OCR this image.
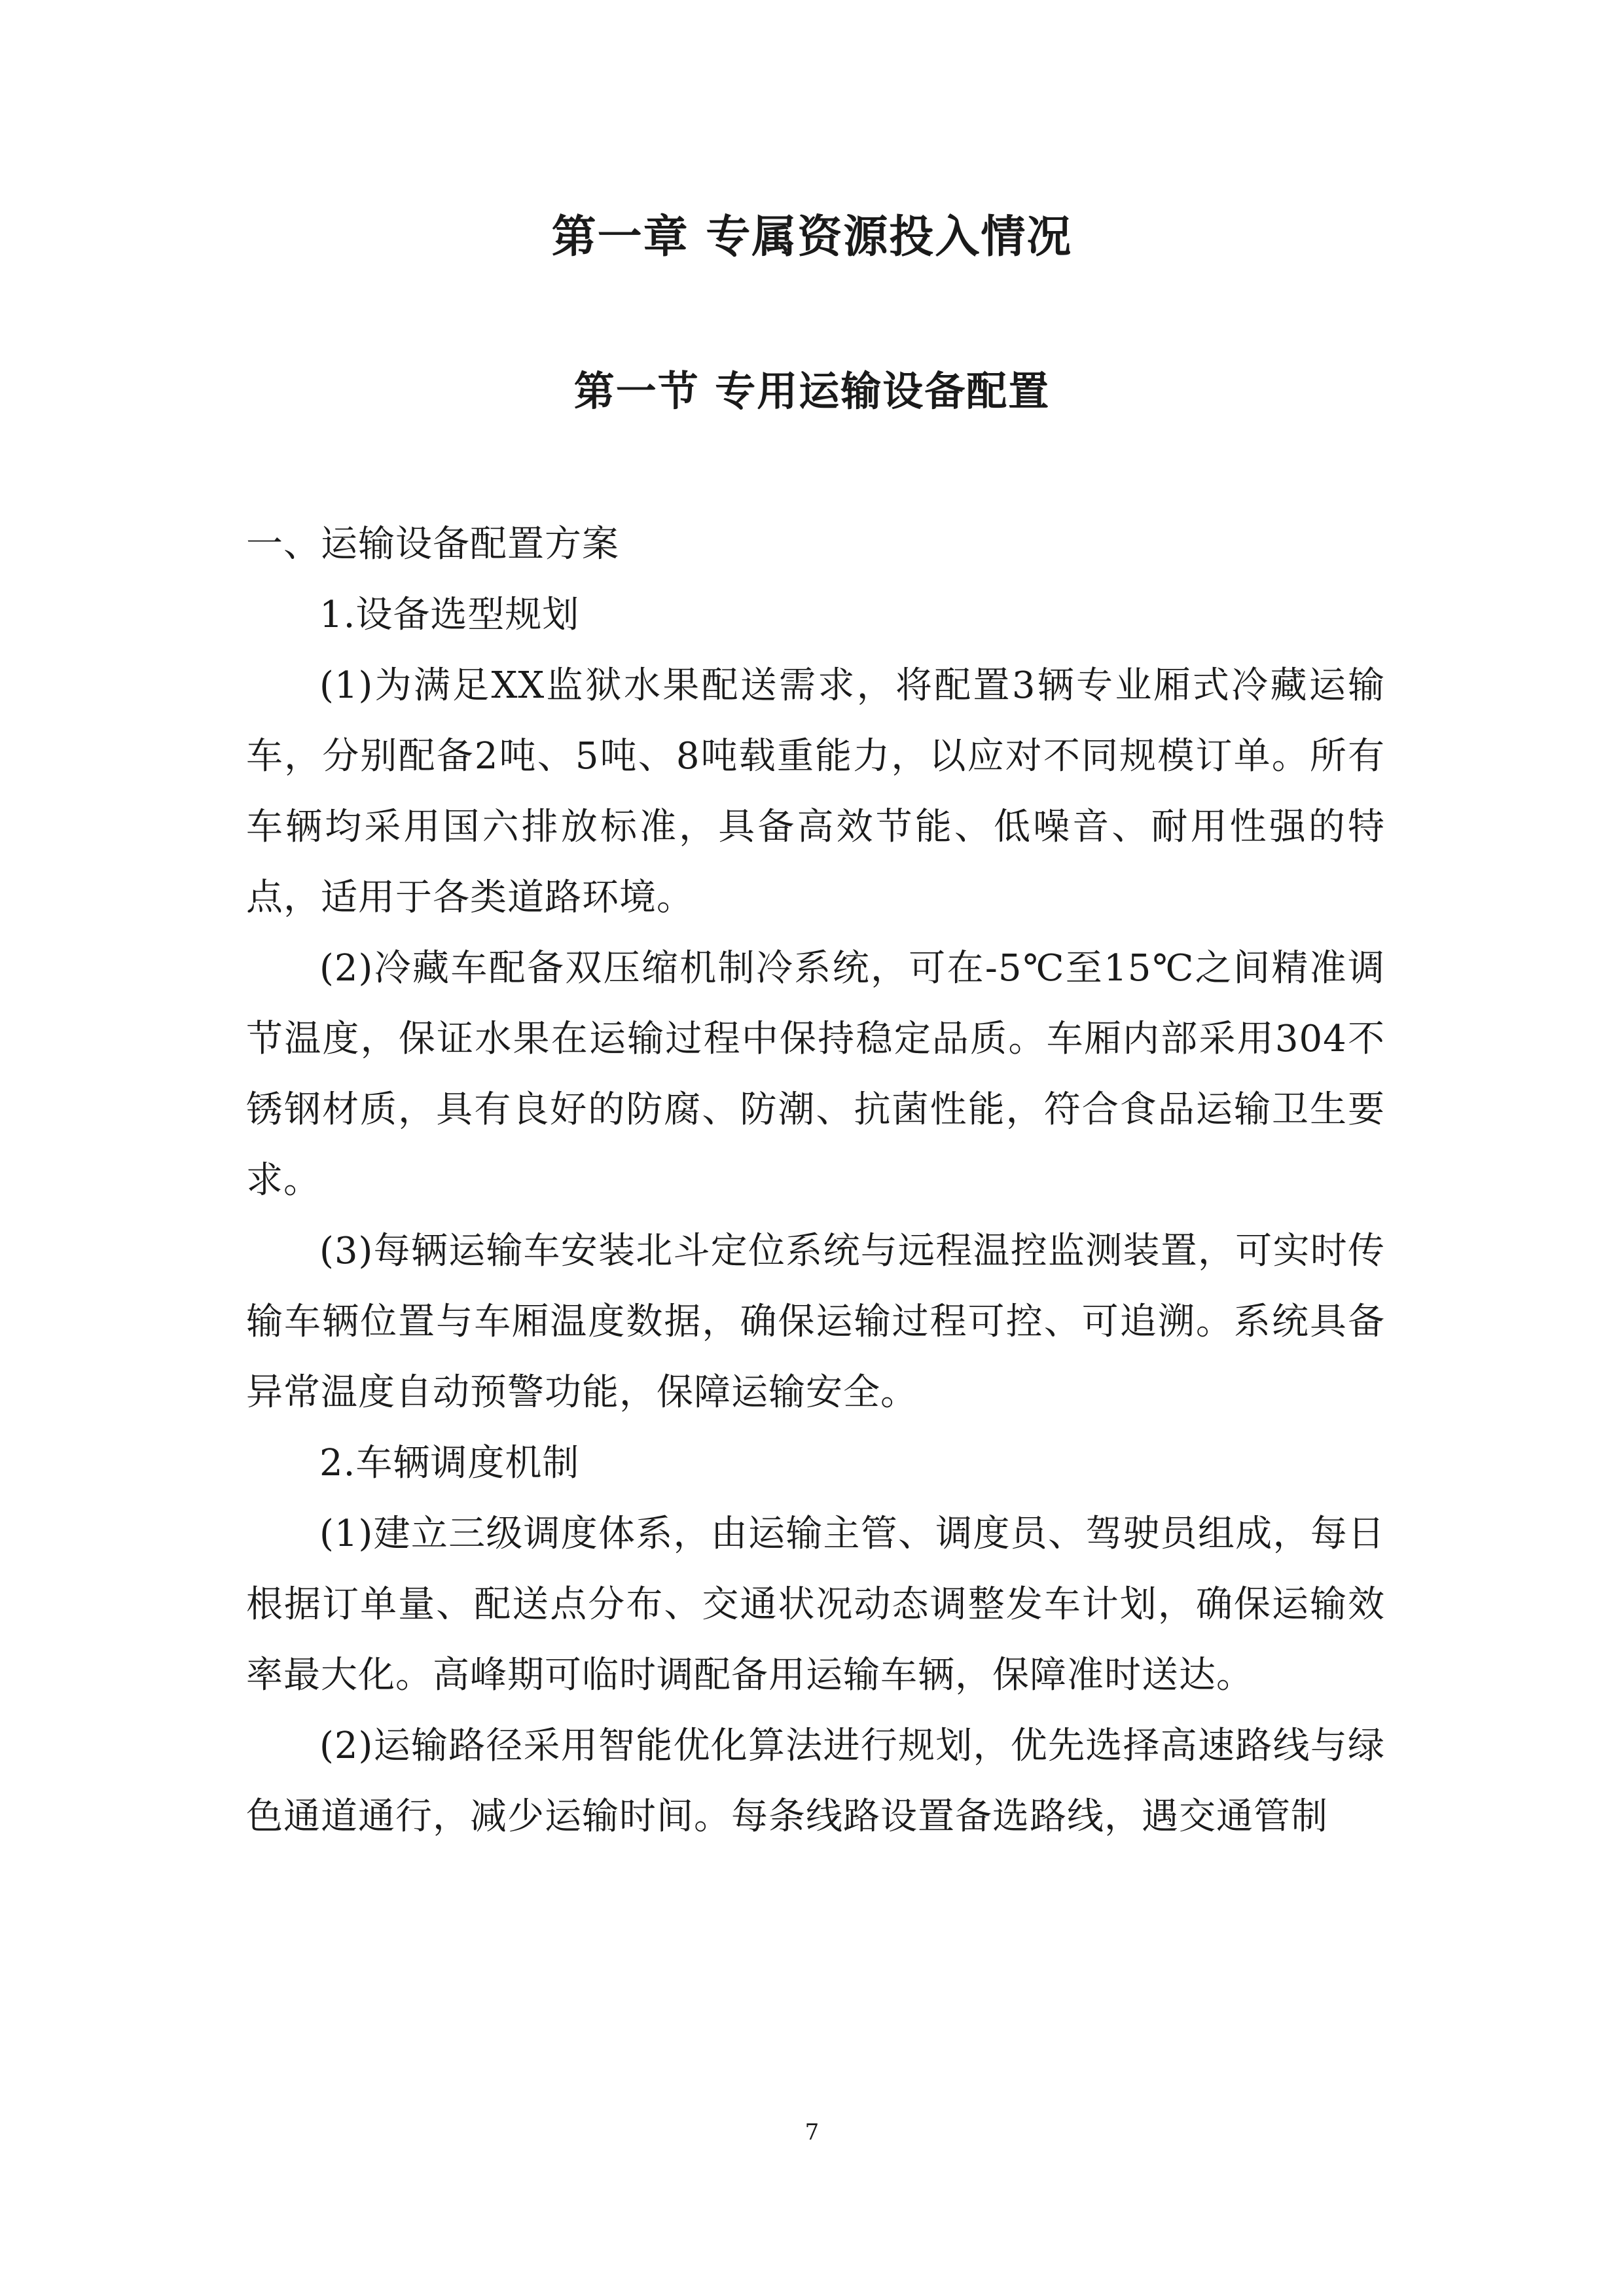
第一章 专属资源投入情况
第一节 专用运输设备配置

一、运输设备配置方案

1.设备选型规划

(1)为满足XX监狱水果配送需求，将配置3辆专业厢式冷藏运输车，分别配备2吨、5吨、8吨载重能力，以应对不同规模订单。所有车辆均采用国六排放标准，具备高效节能、低噪音、耐用性强的特点，适用于各类道路环境。

(2)冷藏车配备双压缩机制冷系统，可在-5℃至15℃之间精准调节温度，保证水果在运输过程中保持稳定品质。车厢内部采用304不锈钢材质，具有良好的防腐、防潮、抗菌性能，符合食品运输卫生要求。

(3)每辆运输车安装北斗定位系统与远程温控监测装置，可实时传输车辆位置与车厢温度数据，确保运输过程可控、可追溯。系统具备异常温度自动预警功能，保障运输安全。

2.车辆调度机制

(1)建立三级调度体系，由运输主管、调度员、驾驶员组成，每日根据订单量、配送点分布、交通状况动态调整发车计划，确保运输效率最大化。高峰期可临时调配备用运输车辆，保障准时送达。

(2)运输路径采用智能优化算法进行规划，优先选择高速路线与绿色通道通行，减少运输时间。每条线路设置备选路线，遇交通管制

7
